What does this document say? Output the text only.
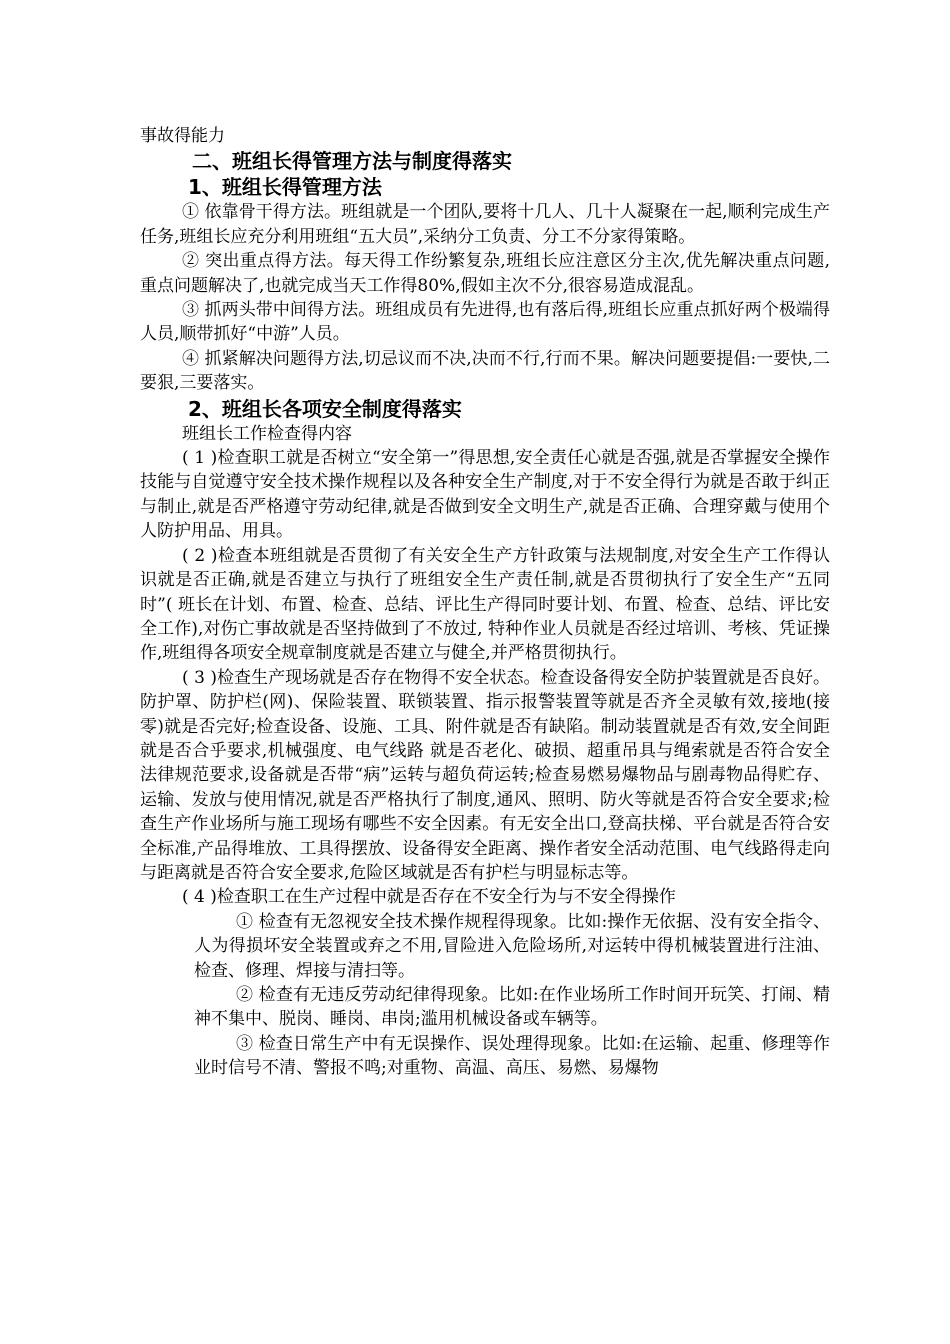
事故得能力

二、班组长得管理方法与制度得落实
1、班组长得管理方法

① 依靠骨干得方法。班组就是一个团队,要将十几人、几十人凝聚在一起,顺利完成生产任务,班组长应充分利用班组“五大员”,采纳分工负责、分工不分家得策略。

② 突出重点得方法。每天得工作纷繁复杂,班组长应注意区分主次,优先解决重点问题,重点问题解决了,也就完成当天工作得80%,假如主次不分,很容易造成混乱。

③ 抓两头带中间得方法。班组成员有先进得,也有落后得,班组长应重点抓好两个极端得人员,顺带抓好“中游”人员。

④ 抓紧解决问题得方法,切忌议而不决,决而不行,行而不果。解决问题要提倡:一要快,二要狠,三要落实。

2、班组长各项安全制度得落实

班组长工作检查得内容

( 1 )检查职工就是否树立“安全第一”得思想,安全责任心就是否强,就是否掌握安全操作技能与自觉遵守安全技术操作规程以及各种安全生产制度,对于不安全得行为就是否敢于纠正与制止,就是否严格遵守劳动纪律,就是否做到安全文明生产,就是否正确、合理穿戴与使用个人防护用品、用具。

( 2 )检查本班组就是否贯彻了有关安全生产方针政策与法规制度,对安全生产工作得认识就是否正确,就是否建立与执行了班组安全生产责任制,就是否贯彻执行了安全生产“五同时”( 班长在计划、布置、检查、总结、评比生产得同时要计划、布置、检查、总结、评比安全工作),对伤亡事故就是否坚持做到了不放过, 特种作业人员就是否经过培训、考核、凭证操作,班组得各项安全规章制度就是否建立与健全,并严格贯彻执行。

( 3 )检查生产现场就是否存在物得不安全状态。检查设备得安全防护装置就是否良好。防护罩、防护栏(网)、保险装置、联锁装置、指示报警装置等就是否齐全灵敏有效,接地(接零)就是否完好;检查设备、设施、工具、附件就是否有缺陷。制动装置就是否有效,安全间距就是否合乎要求,机械强度、电气线路 就是否老化、破损、超重吊具与绳索就是否符合安全法律规范要求,设备就是否带“病”运转与超负荷运转;检查易燃易爆物品与剧毒物品得贮存、运输、发放与使用情况,就是否严格执行了制度,通风、照明、防火等就是否符合安全要求;检查生产作业场所与施工现场有哪些不安全因素。有无安全出口,登高扶梯、平台就是否符合安全标准,产品得堆放、工具得摆放、设备得安全距离、操作者安全活动范围、电气线路得走向与距离就是否符合安全要求,危险区域就是否有护栏与明显标志等。

( 4 )检查职工在生产过程中就是否存在不安全行为与不安全得操作

① 检查有无忽视安全技术操作规程得现象。比如:操作无依据、没有安全指令、人为得损坏安全装置或弃之不用,冒险进入危险场所,对运转中得机械装置进行注油、检查、修理、焊接与清扫等。

② 检查有无违反劳动纪律得现象。比如:在作业场所工作时间开玩笑、打闹、精神不集中、脱岗、睡岗、串岗;滥用机械设备或车辆等。

③ 检查日常生产中有无误操作、误处理得现象。比如:在运输、起重、修理等作业时信号不清、警报不鸣;对重物、高温、高压、易燃、易爆物
